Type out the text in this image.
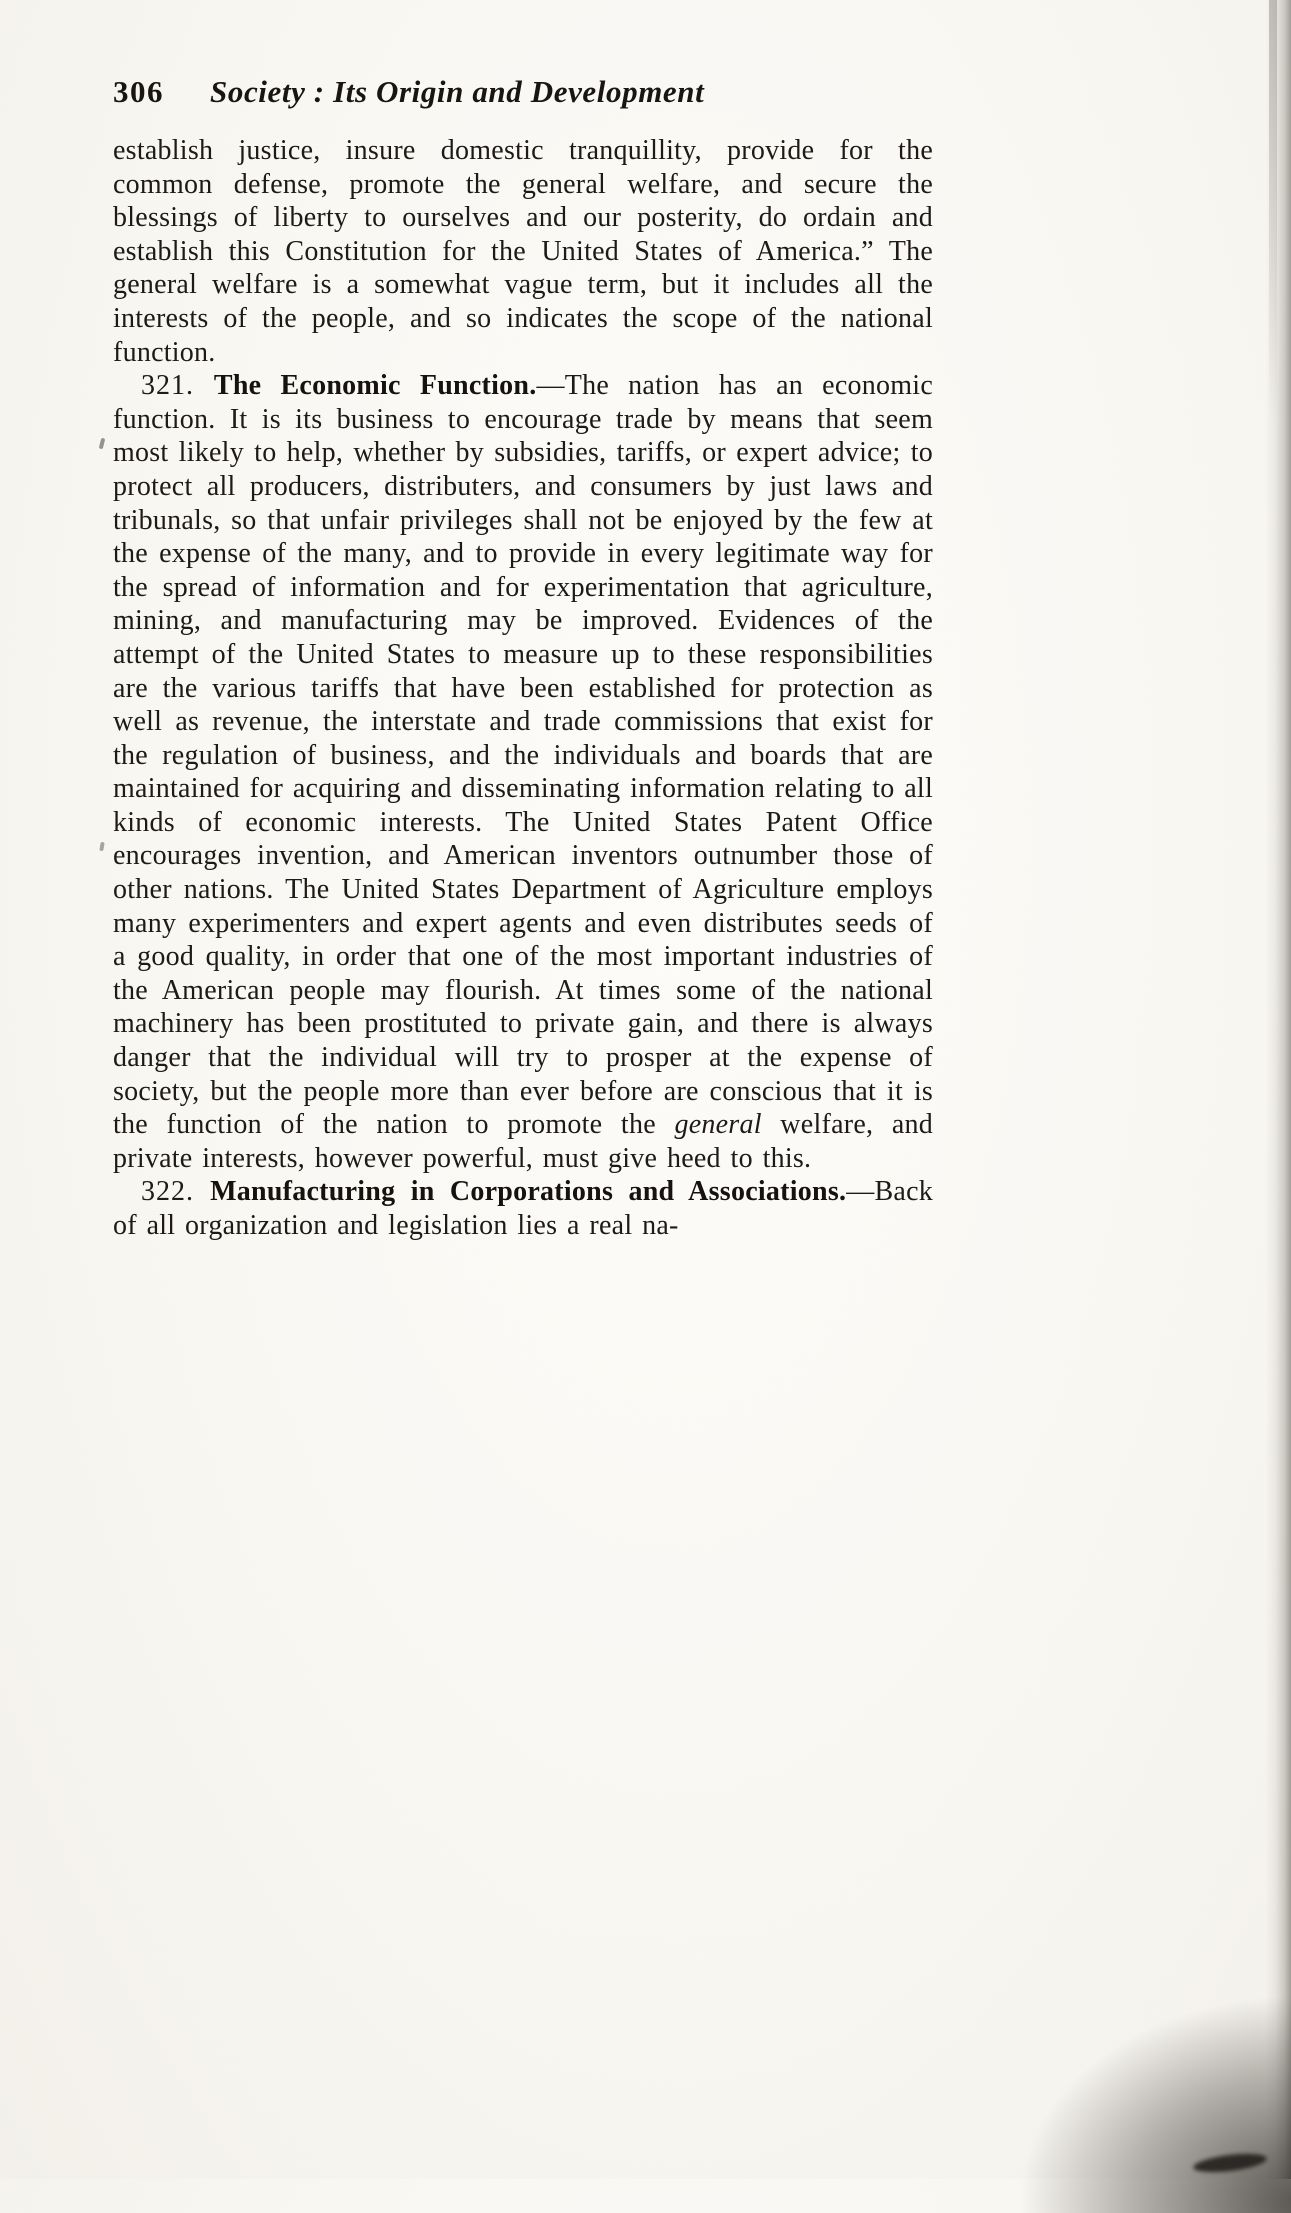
306 Society : Its Origin and Development

establish justice, insure domestic tranquillity, provide for the common defense, promote the general welfare, and secure the blessings of liberty to ourselves and our posterity, do ordain and establish this Constitution for the United States of America.” The general welfare is a somewhat vague term, but it includes all the interests of the people, and so indicates the scope of the national function.

321. The Economic Function.—The nation has an economic function. It is its business to encourage trade by means that seem most likely to help, whether by subsidies, tariffs, or expert advice; to protect all producers, distributers, and consumers by just laws and tribunals, so that unfair privileges shall not be enjoyed by the few at the expense of the many, and to provide in every legitimate way for the spread of information and for experimentation that agriculture, mining, and manufacturing may be improved. Evidences of the attempt of the United States to measure up to these responsibilities are the various tariffs that have been established for protection as well as revenue, the interstate and trade commissions that exist for the regulation of business, and the individuals and boards that are maintained for acquiring and disseminating information relating to all kinds of economic interests. The United States Patent Office encourages invention, and American inventors outnumber those of other nations. The United States Department of Agriculture employs many experimenters and expert agents and even distributes seeds of a good quality, in order that one of the most important industries of the American people may flourish. At times some of the national machinery has been prostituted to private gain, and there is always danger that the individual will try to prosper at the expense of society, but the people more than ever before are conscious that it is the function of the nation to promote the general welfare, and private interests, however powerful, must give heed to this.

322. Manufacturing in Corporations and Associations.—Back of all organization and legislation lies a real na-
